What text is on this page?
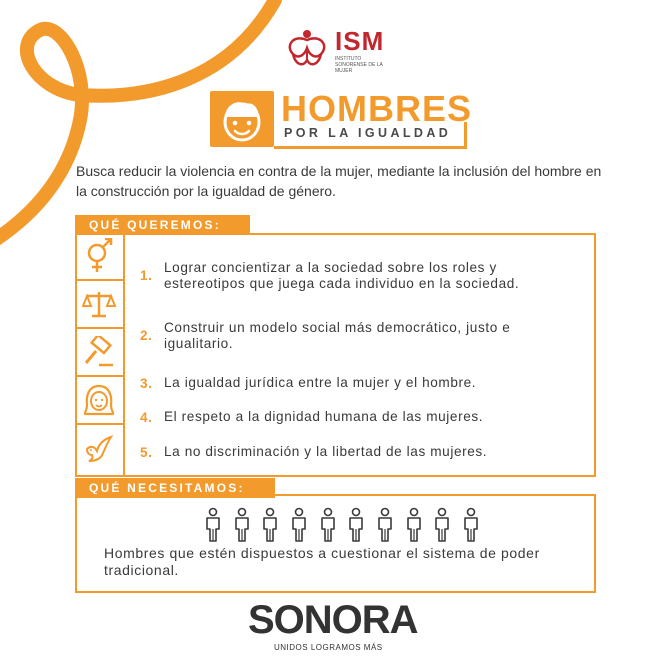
ISM
INSTITUTO SONORENSE DE LA MUJER
HOMBRES
POR LA IGUALDAD
Busca reducir la violencia en contra de la mujer, mediante la inclusión del hombre en la construcción por la igualdad de género.
QUÉ QUEREMOS:
1.
Lograr concientizar a la sociedad sobre los roles y estereotipos que juega cada individuo en la sociedad.
2.
Construir un modelo social más democrático, justo e igualitario.
3. La igualdad jurídica entre la mujer y el hombre.
4. El respeto a la dignidad humana de las mujeres.
5. La no discriminación y la libertad de las mujeres.
QUÉ NECESITAMOS:
Hombres que estén dispuestos a cuestionar el sistema de poder tradicional.
SONORA
UNIDOS LOGRAMOS MÁS
